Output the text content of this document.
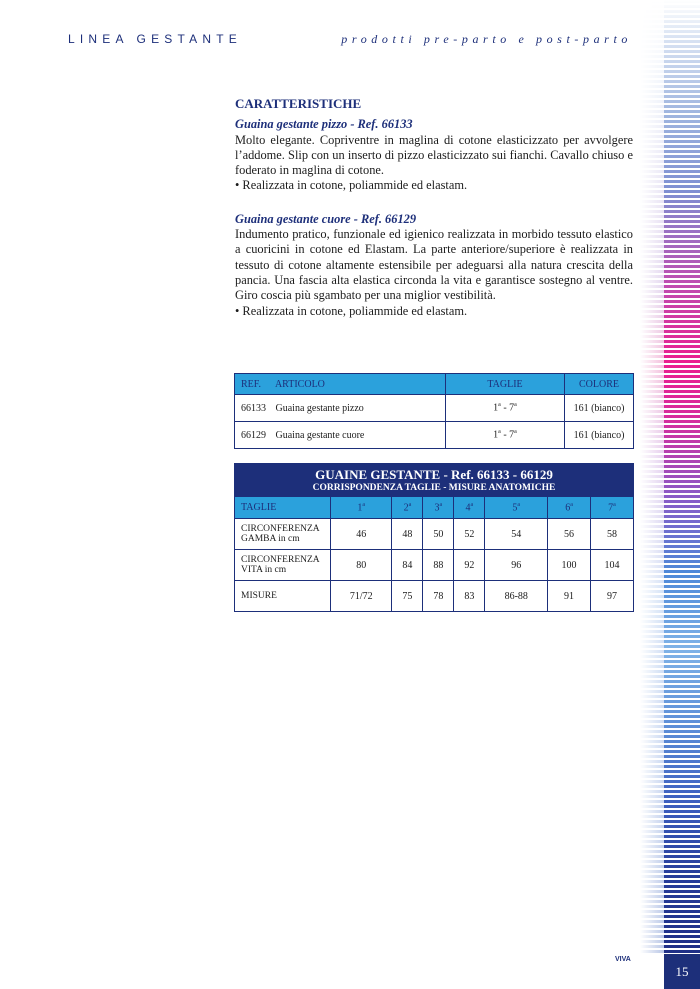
LINEA GESTANTE	prodotti pre-parto e post-parto
CARATTERISTICHE
Guaina gestante pizzo - Ref. 66133
Molto elegante. Copriventre in maglina di cotone elasticizzato per avvolgere l’addome. Slip con un inserto di pizzo elasticizzato sui fianchi. Cavallo chiuso e foderato in maglina di cotone.
• Realizzata in cotone, poliammide ed elastam.
Guaina gestante cuore - Ref. 66129
Indumento pratico, funzionale ed igienico realizzata in morbido tessuto elastico a cuoricini in cotone ed Elastam. La parte anteriore/superiore è realizzata in tessuto di cotone altamente estensibile per adeguarsi alla natura crescita della pancia. Una fascia alta elastica circonda la vita e garantisce sostegno al ventre. Giro coscia più sgambato per una miglior vestibilità.
• Realizzata in cotone, poliammide ed elastam.
REF. ARTICOLO	TAGLIE	COLORE
66133 Guaina gestante pizzo	1$^a$ - 7$^a$	161 (bianco)
66129 Guaina gestante cuore	1$^a$ - 7$^a$	161 (bianco)
GUAINE GESTANTE - Ref. 66133 - 66129
CORRISPONDENZA TAGLIE - MISURE ANATOMICHE							

TAGLIE	1$^a$	2$^a$	3$^a$	4$^a$	5$^a$	6$^a$	7$^a$
CIRCONFERENZA
GAMBA in cm	46	48	50	52	54	56	58
CIRCONFERENZA
VITA in cm	80	84	88	92	96	100	104
MISURE	71/72	75	78	83	86-88	91	97
VIVA
15
